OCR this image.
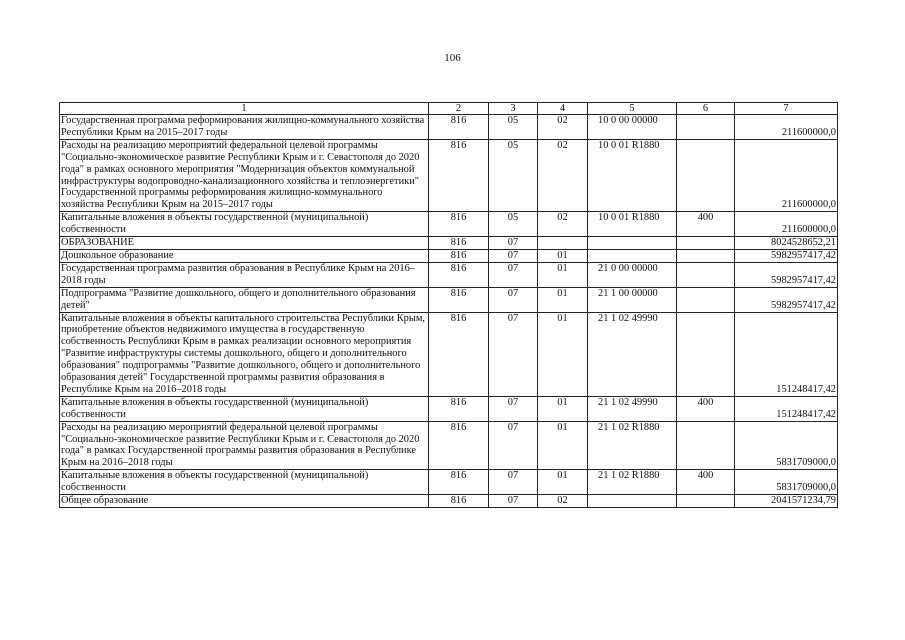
106
1	2	3	4	5	6	7
Государственная программа реформирования жилищно-коммунального хозяйства Республики Крым на 2015–2017 годы	816	05	02	10 0 00 00000		211600000,0
Расходы на реализацию мероприятий федеральной целевой программы "Социально-экономическое развитие Республики Крым и г. Севастополя до 2020 года" в рамках основного мероприятия "Модернизация объектов коммунальной инфраструктуры водопроводно-канализационного хозяйства и теплоэнергетики" Государственной программы реформирования жилищно-коммунального хозяйства Республики Крым на 2015–2017 годы	816	05	02	10 0 01 R1880		211600000,0
Капитальные вложения в объекты государственной (муниципальной) собственности	816	05	02	10 0 01 R1880	400	211600000,0
ОБРАЗОВАНИЕ	816	07				8024528652,21
Дошкольное образование	816	07	01			5982957417,42
Государственная программа развития образования в Республике Крым на 2016–2018 годы	816	07	01	21 0 00 00000		5982957417,42
Подпрограмма "Развитие дошкольного, общего и дополнительного образования детей"	816	07	01	21 1 00 00000		5982957417,42
Капитальные вложения в объекты капитального строительства Республики Крым, приобретение объектов недвижимого имущества в государственную собственность Республики Крым в рамках реализации основного мероприятия "Развитие инфраструктуры системы дошкольного, общего и дополнительного образования" подпрограммы "Развитие дошкольного, общего и дополнительного образования детей" Государственной программы развития образования в Республике Крым на 2016–2018 годы	816	07	01	21 1 02 49990		151248417,42
Капитальные вложения в объекты государственной (муниципальной) собственности	816	07	01	21 1 02 49990	400	151248417,42
Расходы на реализацию мероприятий федеральной целевой программы "Социально-экономическое развитие Республики Крым и г. Севастополя до 2020 года" в рамках Государственной программы развития образования в Республике Крым на 2016–2018 годы	816	07	01	21 1 02 R1880		5831709000,0
Капитальные вложения в объекты государственной (муниципальной) собственности	816	07	01	21 1 02 R1880	400	5831709000,0
Общее образование	816	07	02			2041571234,79
